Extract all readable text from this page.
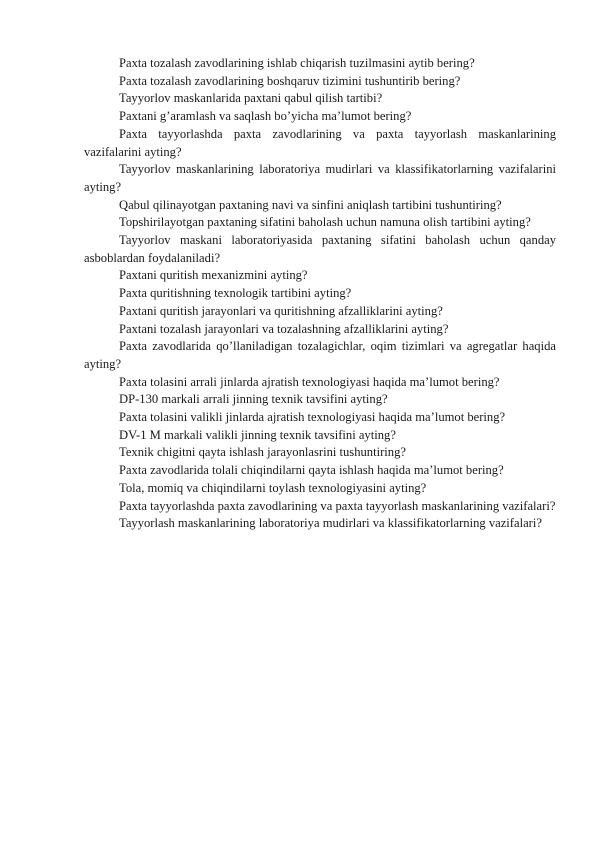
Paxta tozalash zavodlarining ishlab chiqarish tuzilmasini aytib bering?

Paxta tozalash zavodlarining boshqaruv tizimini tushuntirib bering?

Tayyorlov maskanlarida paxtani qabul qilish tartibi?

Paxtani g’aramlash va saqlash bo’yicha ma’lumot bering?

Paxta tayyorlashda paxta zavodlarining va paxta tayyorlash maskanlarining vazifalarini ayting?

Tayyorlov maskanlarining laboratoriya mudirlari va klassifikatorlarning vazifalarini ayting?

Qabul qilinayotgan paxtaning navi va sinfini aniqlash tartibini tushuntiring?

Topshirilayotgan paxtaning sifatini baholash uchun namuna olish tartibini ayting?

Tayyorlov maskani laboratoriyasida paxtaning sifatini baholash uchun qanday asboblardan foydalaniladi?

Paxtani quritish mexanizmini ayting?

Paxta quritishning texnologik tartibini ayting?

Paxtani quritish jarayonlari va quritishning afzalliklarini ayting?

Paxtani tozalash jarayonlari va tozalashning afzalliklarini ayting?

Paxta zavodlarida qo’llaniladigan tozalagichlar, oqim tizimlari va agregatlar haqida ayting?

Paxta tolasini arrali jinlarda ajratish texnologiyasi haqida ma’lumot bering?

DP-130 markali arrali jinning texnik tavsifini ayting?

Paxta tolasini valikli jinlarda ajratish texnologiyasi haqida ma’lumot bering?

DV-1 M markali valikli jinning texnik tavsifini ayting?

Texnik chigitni qayta ishlash jarayonlasrini tushuntiring?

Paxta zavodlarida tolali chiqindilarni qayta ishlash haqida ma’lumot bering?

Tola, momiq va chiqindilarni toylash texnologiyasini ayting?

Paxta tayyorlashda paxta zavodlarining va paxta tayyorlash maskanlarining vazifalari?

Tayyorlash maskanlarining laboratoriya mudirlari va klassifikatorlarning vazifalari?
